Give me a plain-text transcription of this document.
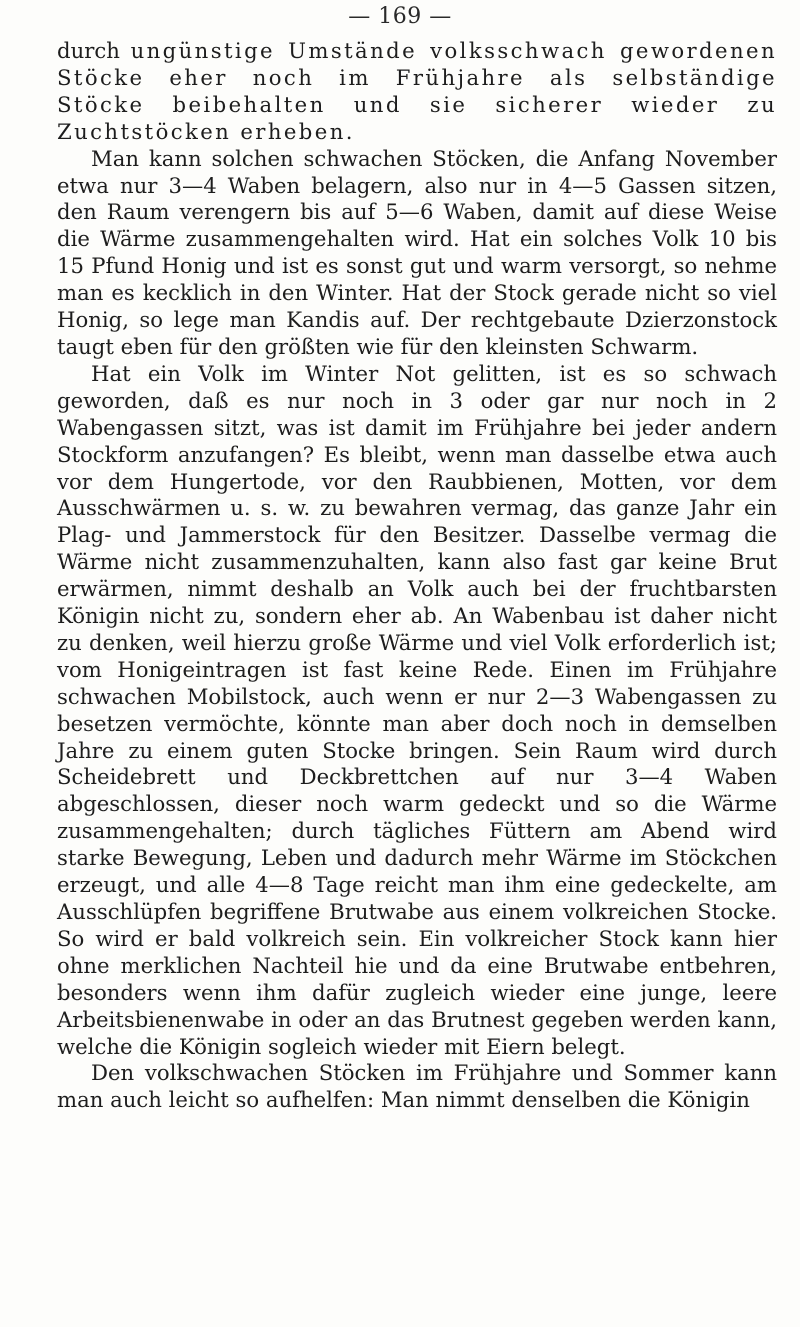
— 169 —

durch ungünstige Umstände volksschwach gewordenen Stöcke eher noch im Frühjahre als selbständige Stöcke beibehalten und sie sicherer wieder zu Zuchtstöcken erheben.

Man kann solchen schwachen Stöcken, die Anfang November etwa nur 3—4 Waben belagern, also nur in 4—5 Gassen sitzen, den Raum verengern bis auf 5—6 Waben, damit auf diese Weise die Wärme zusammengehalten wird. Hat ein solches Volk 10 bis 15 Pfund Honig und ist es sonst gut und warm versorgt, so nehme man es kecklich in den Winter. Hat der Stock gerade nicht so viel Honig, so lege man Kandis auf. Der rechtgebaute Dzierzonstock taugt eben für den größten wie für den kleinsten Schwarm.

Hat ein Volk im Winter Not gelitten, ist es so schwach geworden, daß es nur noch in 3 oder gar nur noch in 2 Wabengassen sitzt, was ist damit im Frühjahre bei jeder andern Stockform anzufangen? Es bleibt, wenn man dasselbe etwa auch vor dem Hungertode, vor den Raubbienen, Motten, vor dem Ausschwärmen u. s. w. zu bewahren vermag, das ganze Jahr ein Plag- und Jammerstock für den Besitzer. Dasselbe vermag die Wärme nicht zusammenzuhalten, kann also fast gar keine Brut erwärmen, nimmt deshalb an Volk auch bei der fruchtbarsten Königin nicht zu, sondern eher ab. An Wabenbau ist daher nicht zu denken, weil hierzu große Wärme und viel Volk erforderlich ist; vom Honigeintragen ist fast keine Rede. Einen im Frühjahre schwachen Mobilstock, auch wenn er nur 2—3 Wabengassen zu besetzen vermöchte, könnte man aber doch noch in demselben Jahre zu einem guten Stocke bringen. Sein Raum wird durch Scheidebrett und Deckbrettchen auf nur 3—4 Waben abgeschlossen, dieser noch warm gedeckt und so die Wärme zusammengehalten; durch tägliches Füttern am Abend wird starke Bewegung, Leben und dadurch mehr Wärme im Stöckchen erzeugt, und alle 4—8 Tage reicht man ihm eine gedeckelte, am Ausschlüpfen begriffene Brutwabe aus einem volkreichen Stocke. So wird er bald volkreich sein. Ein volkreicher Stock kann hier ohne merklichen Nachteil hie und da eine Brutwabe entbehren, besonders wenn ihm dafür zugleich wieder eine junge, leere Arbeitsbienenwabe in oder an das Brutnest gegeben werden kann, welche die Königin sogleich wieder mit Eiern belegt.

Den volkschwachen Stöcken im Frühjahre und Sommer kann man auch leicht so aufhelfen: Man nimmt denselben die Königin
